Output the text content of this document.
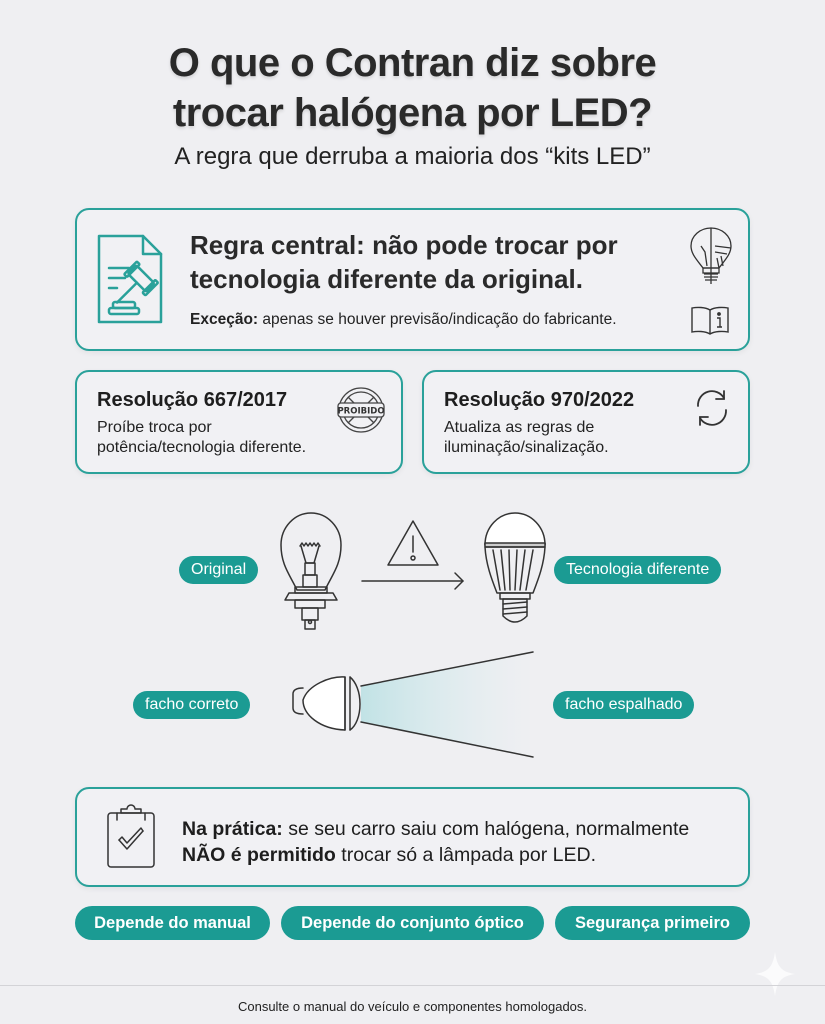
O que o Contran diz sobre
trocar halógena por LED?
A regra que derruba a maioria dos “kits LED”
Regra central: não pode trocar por
tecnologia diferente da original.
Exceção: apenas se houver previsão/indicação do fabricante.
Resolução 667/2017
Proíbe troca por
potência/tecnologia diferente.
PROIBIDO
Resolução 970/2022
Atualiza as regras de
iluminação/sinalização.
Original	Tecnologia diferente
facho correto	facho espalhado
Na prática: se seu carro saiu com halógena, normalmente
NÃO é permitido trocar só a lâmpada por LED.
Depende do manual	Depende do conjunto óptico	Segurança primeiro
Consulte o manual do veículo e componentes homologados.
